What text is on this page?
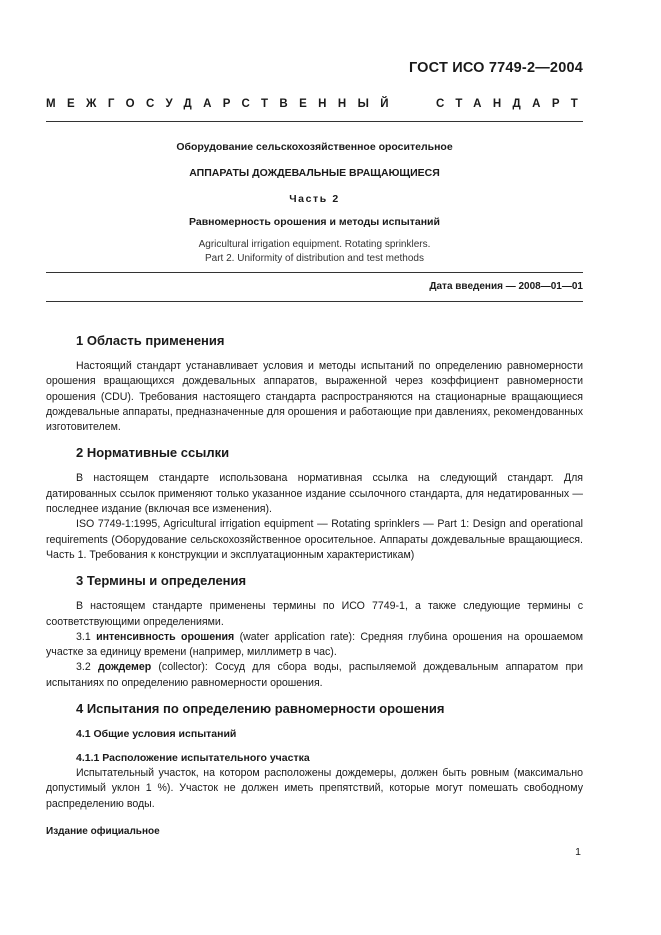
ГОСТ ИСО 7749-2—2004
МЕЖГОСУДАРСТВЕННЫЙ	СТАНДАРТ
Оборудование сельскохозяйственное оросительное
АППАРАТЫ ДОЖДЕВАЛЬНЫЕ ВРАЩАЮЩИЕСЯ
Часть 2
Равномерность орошения и методы испытаний
Agricultural irrigation equipment. Rotating sprinklers.
Part 2. Uniformity of distribution and test methods
Дата введения — 2008—01—01
1 Область применения

Настоящий стандарт устанавливает условия и методы испытаний по определению равномерности орошения вращающихся дождевальных аппаратов, выраженной через коэффициент равномерности орошения (CDU). Требования настоящего стандарта распространяются на стационарные вращающиеся дождевальные аппараты, предназначенные для орошения и работающие при давлениях, рекомендованных изготовителем.

2 Нормативные ссылки

В настоящем стандарте использована нормативная ссылка на следующий стандарт. Для датированных ссылок применяют только указанное издание ссылочного стандарта, для недатированных — последнее издание (включая все изменения).

ISO 7749-1:1995, Agricultural irrigation equipment — Rotating sprinklers — Part 1: Design and operational requirements (Оборудование сельскохозяйственное оросительное. Аппараты дождевальные вращающиеся. Часть 1. Требования к конструкции и эксплуатационным характеристикам)

3 Термины и определения

В настоящем стандарте применены термины по ИСО 7749-1, а также следующие термины с соответствующими определениями.

3.1 интенсивность орошения (water application rate): Средняя глубина орошения на орошаемом участке за единицу времени (например, миллиметр в час).

3.2 дождемер (collector): Сосуд для сбора воды, распыляемой дождевальным аппаратом при испытаниях по определению равномерности орошения.

4 Испытания по определению равномерности орошения
4.1 Общие условия испытаний
4.1.1 Расположение испытательного участка

Испытательный участок, на котором расположены дождемеры, должен быть ровным (максимально допустимый уклон 1 %). Участок не должен иметь препятствий, которые могут помешать свободному распределению воды.

Издание официальное
1
